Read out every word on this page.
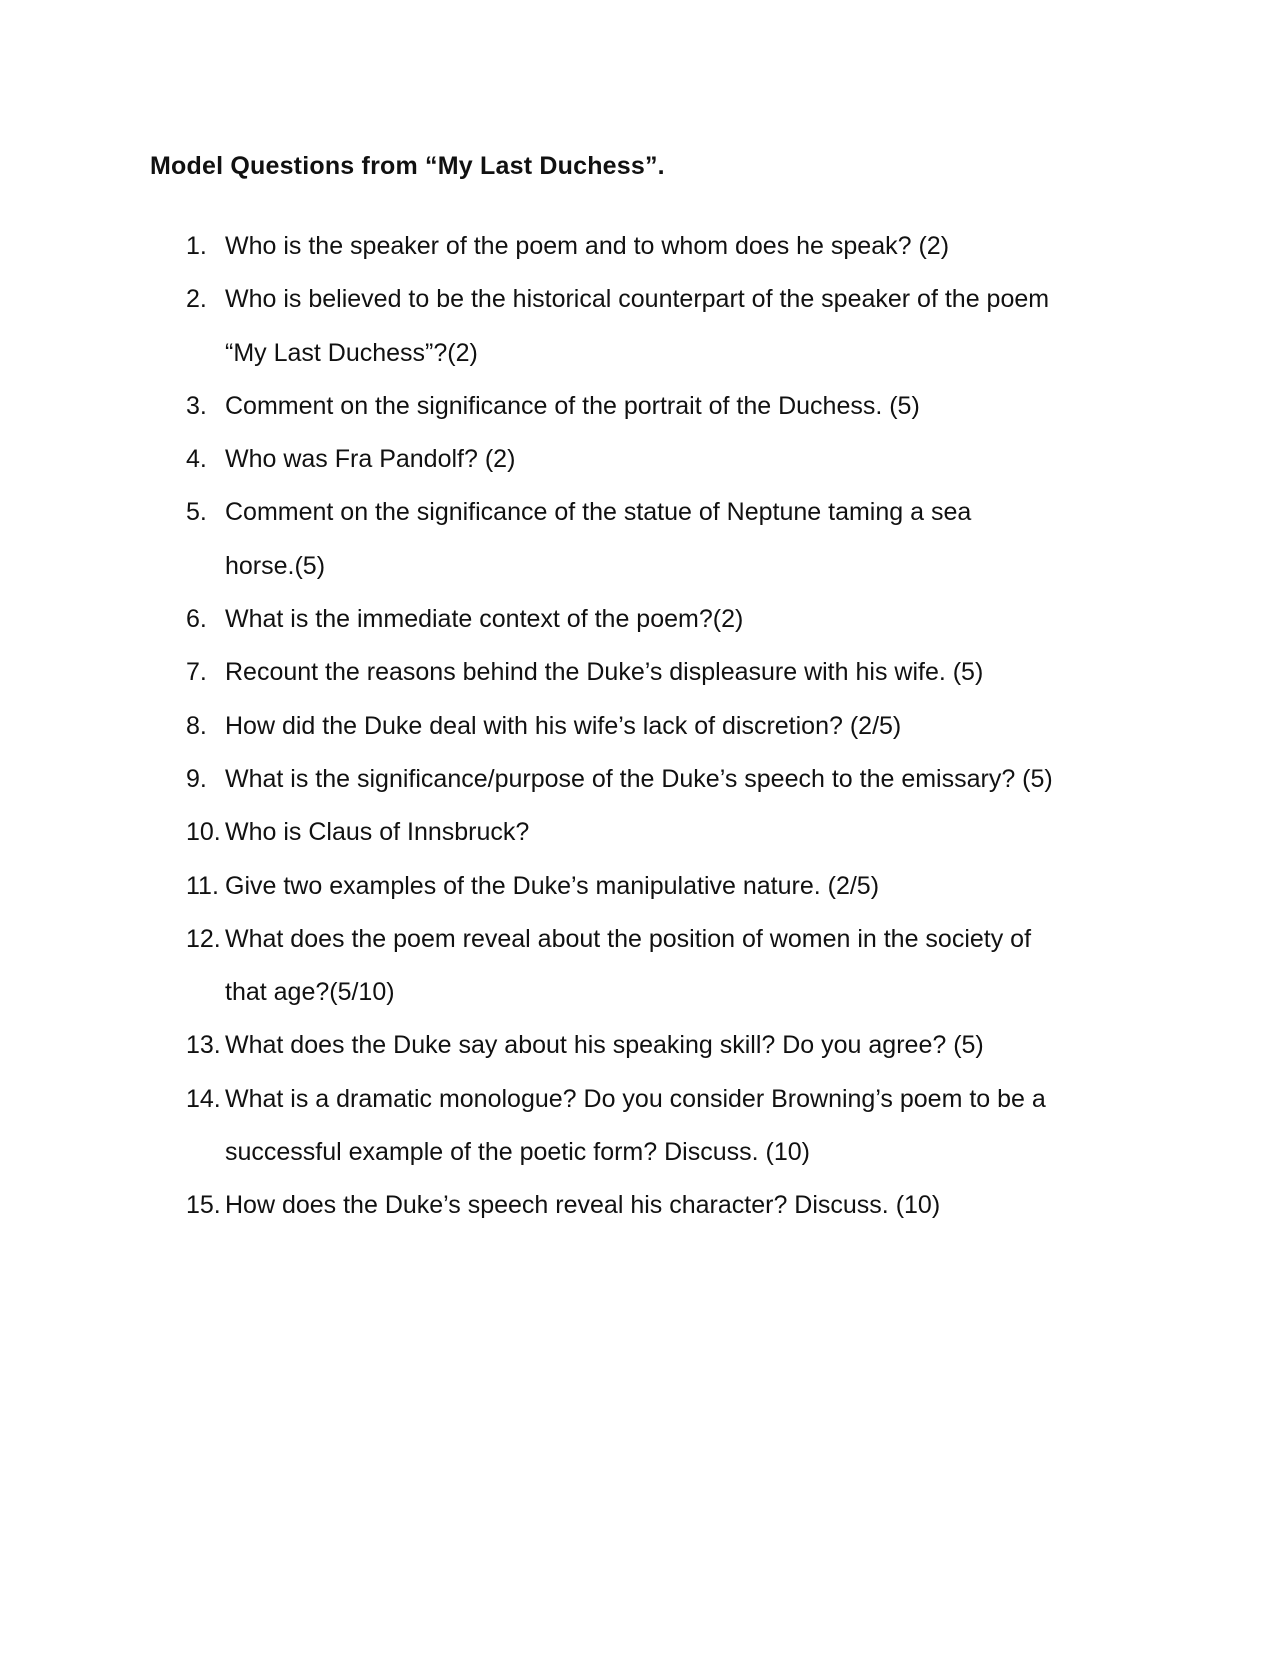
Model Questions from “My Last Duchess”.
1. Who is the speaker of the poem and to whom does he speak? (2)
2. Who is believed to be the historical counterpart of the speaker of the poem
“My Last Duchess”?(2)
3. Comment on the significance of the portrait of the Duchess. (5)
4. Who was Fra Pandolf? (2)
5. Comment on the significance of the statue of Neptune taming a sea
horse.(5)
6. What is the immediate context of the poem?(2)
7. Recount the reasons behind the Duke’s displeasure with his wife. (5)
8. How did the Duke deal with his wife’s lack of discretion? (2/5)
9. What is the significance/purpose of the Duke’s speech to the emissary? (5)
10. Who is Claus of Innsbruck?
11. Give two examples of the Duke’s manipulative nature. (2/5)
12. What does the poem reveal about the position of women in the society of
that age?(5/10)
13. What does the Duke say about his speaking skill? Do you agree? (5)
14. What is a dramatic monologue? Do you consider Browning’s poem to be a
successful example of the poetic form? Discuss. (10)
15. How does the Duke’s speech reveal his character? Discuss. (10)
